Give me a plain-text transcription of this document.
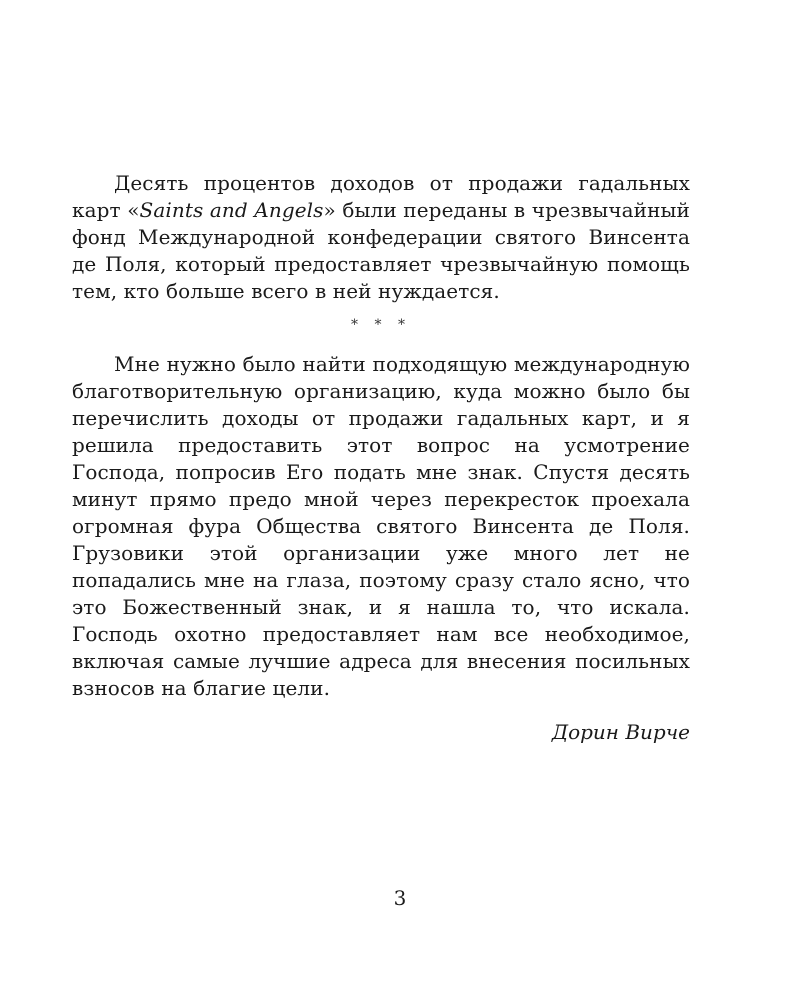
Десять процентов доходов от продажи гадальных карт «Saints and Angels» были переданы в чрезвычайный фонд Международной конфедерации святого Винсента де Поля, который предоставляет чрезвычайную помощь тем, кто больше всего в ней нуждается.

* * *

Мне нужно было найти подходящую международную благотворительную организацию, куда можно было бы перечислить доходы от продажи гадальных карт, и я решила предоставить этот вопрос на усмотрение Господа, попросив Его подать мне знак. Спустя десять минут прямо предо мной через перекресток проехала огромная фура Общества святого Винсента де Поля. Грузовики этой организации уже много лет не попадались мне на глаза, поэтому сразу стало ясно, что это Божественный знак, и я нашла то, что искала. Господь охотно предоставляет нам все необходимое, включая самые лучшие адреса для внесения посильных взносов на благие цели.

Дорин Вирче
3
